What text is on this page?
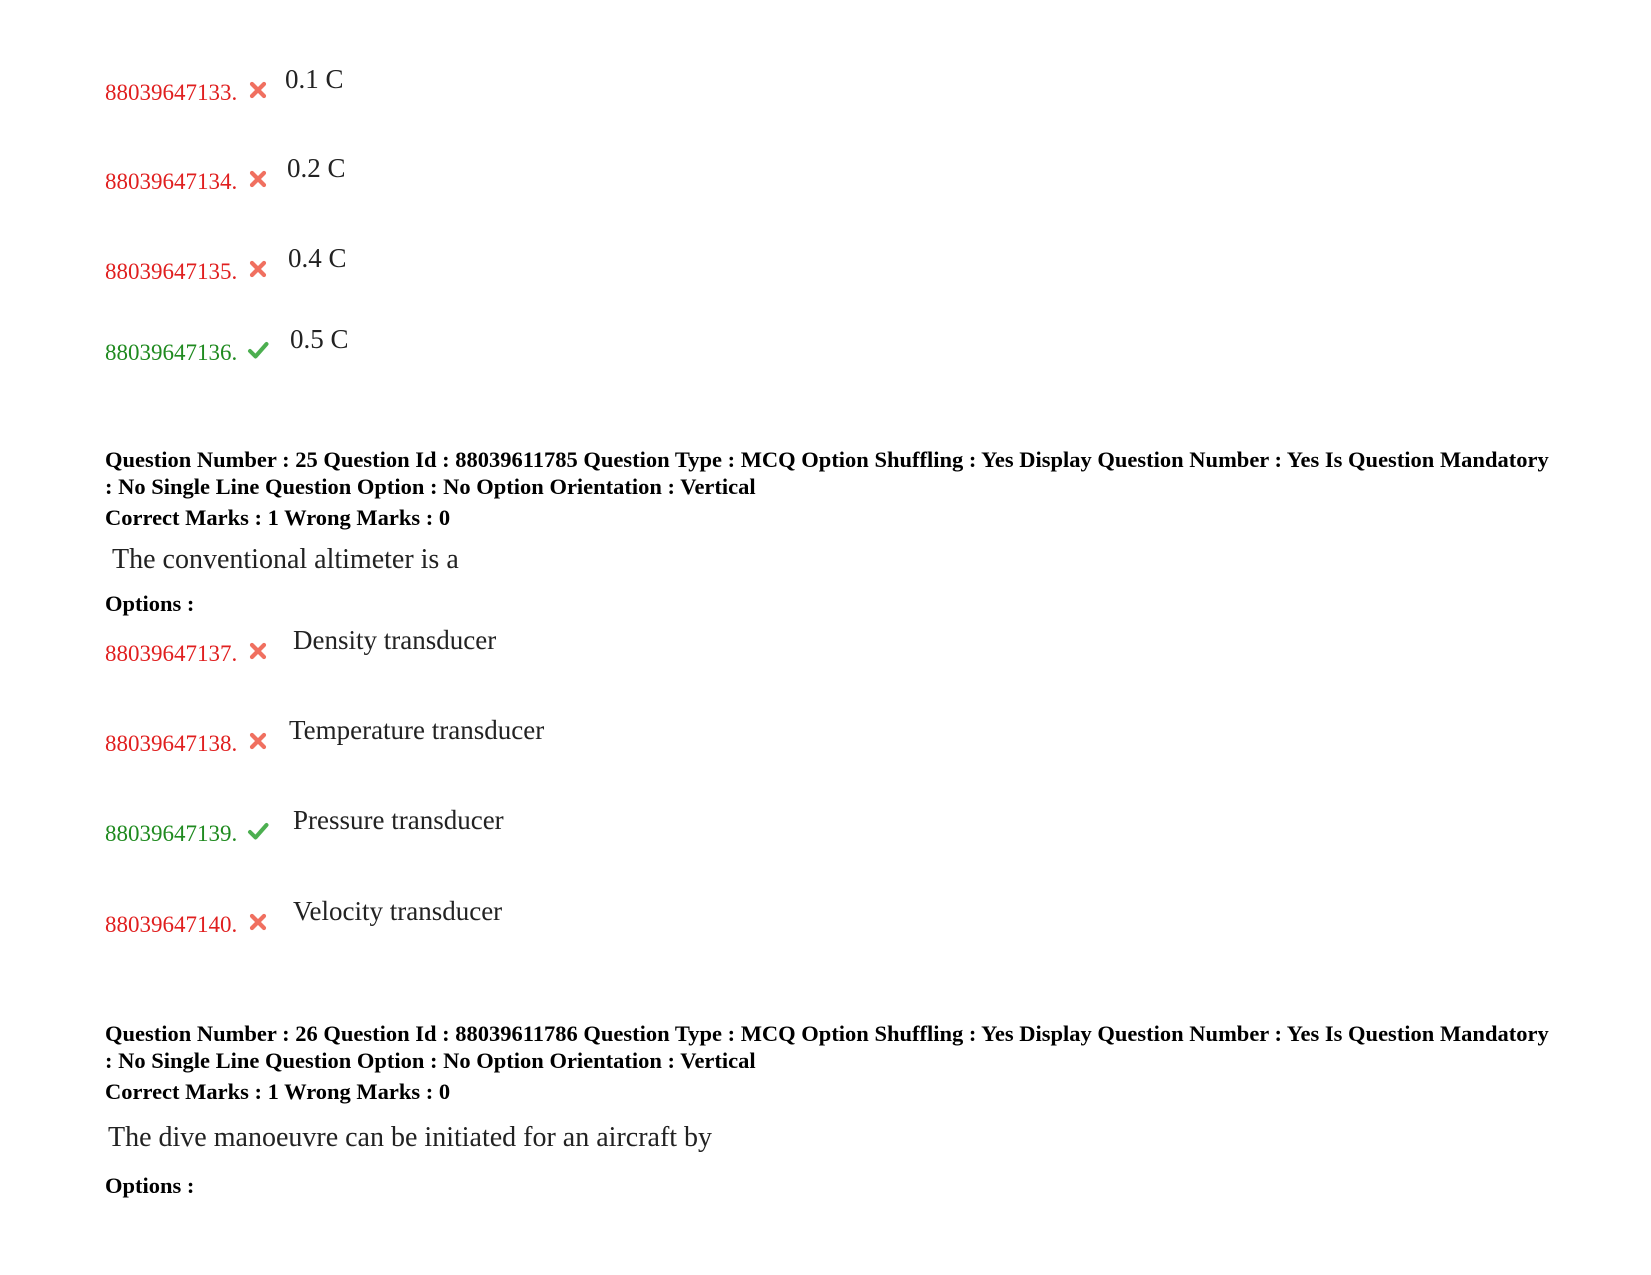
88039647133. 0.1 C
88039647134. 0.2 C
88039647135. 0.4 C
88039647136. 0.5 C
Question Number : 25 Question Id : 88039611785 Question Type : MCQ Option Shuffling : Yes Display Question Number : Yes Is Question Mandatory : No Single Line Question Option : No Option Orientation : Vertical
Correct Marks : 1 Wrong Marks : 0
The conventional altimeter is a
Options :
88039647137. Density transducer
88039647138. Temperature transducer
88039647139. Pressure transducer
88039647140. Velocity transducer
Question Number : 26 Question Id : 88039611786 Question Type : MCQ Option Shuffling : Yes Display Question Number : Yes Is Question Mandatory : No Single Line Question Option : No Option Orientation : Vertical
Correct Marks : 1 Wrong Marks : 0
The dive manoeuvre can be initiated for an aircraft by
Options :
